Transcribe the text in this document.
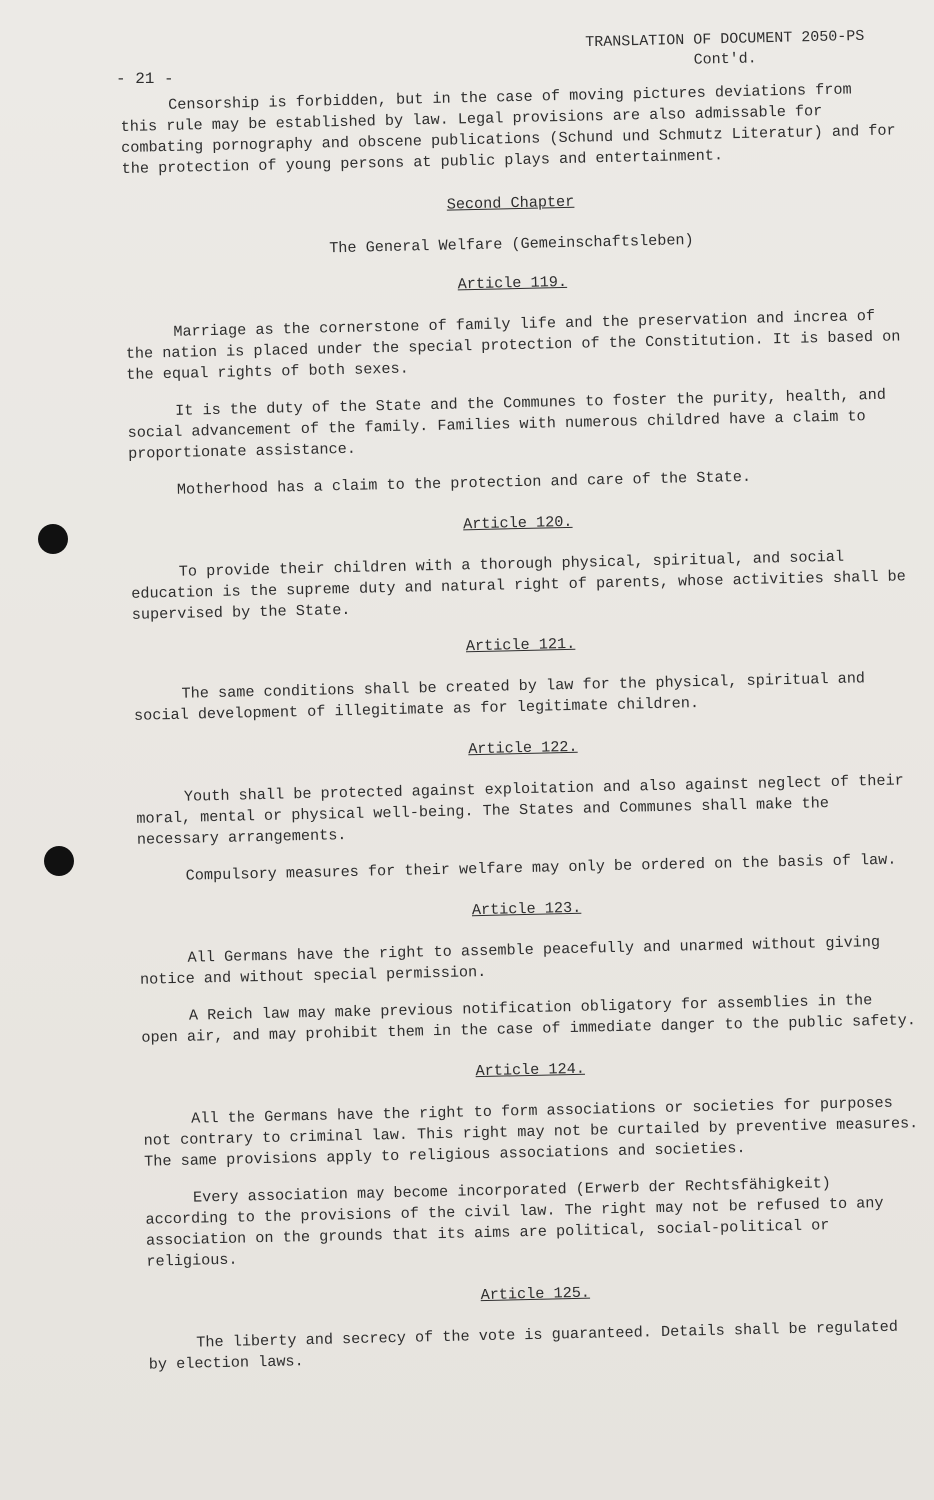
TRANSLATION OF DOCUMENT 2050-PS
Cont'd.
- 21 -

Censorship is forbidden, but in the case of moving pictures deviations from this rule may be established by law. Legal provisions are also admissable for combating pornography and obscene publications (Schund und Schmutz Literatur) and for the protection of young persons at public plays and entertainment.

Second Chapter
The General Welfare (Gemeinschaftsleben)
Article 119.

Marriage as the cornerstone of family life and the preservation and increa of the nation is placed under the special protection of the Constitution. It is based on the equal rights of both sexes.

It is the duty of the State and the Communes to foster the purity, health, and social advancement of the family. Families with numerous childred have a claim to proportionate assistance.

Motherhood has a claim to the protection and care of the State.

Article 120.

To provide their children with a thorough physical, spiritual, and social education is the supreme duty and natural right of parents, whose activities shall be supervised by the State.

Article 121.

The same conditions shall be created by law for the physical, spiritual and social development of illegitimate as for legitimate children.

Article 122.

Youth shall be protected against exploitation and also against neglect of their moral, mental or physical well-being. The States and Communes shall make the necessary arrangements.

Compulsory measures for their welfare may only be ordered on the basis of law.

Article 123.

All Germans have the right to assemble peacefully and unarmed without giving notice and without special permission.

A Reich law may make previous notification obligatory for assemblies in the open air, and may prohibit them in the case of immediate danger to the public safety.

Article 124.

All the Germans have the right to form associations or societies for purposes not contrary to criminal law. This right may not be curtailed by preventive measures. The same provisions apply to religious associations and societies.

Every association may become incorporated (Erwerb der Rechtsfähigkeit) according to the provisions of the civil law. The right may not be refused to any association on the grounds that its aims are political, social-political or religious.

Article 125.

The liberty and secrecy of the vote is guaranteed. Details shall be regulated by election laws.
